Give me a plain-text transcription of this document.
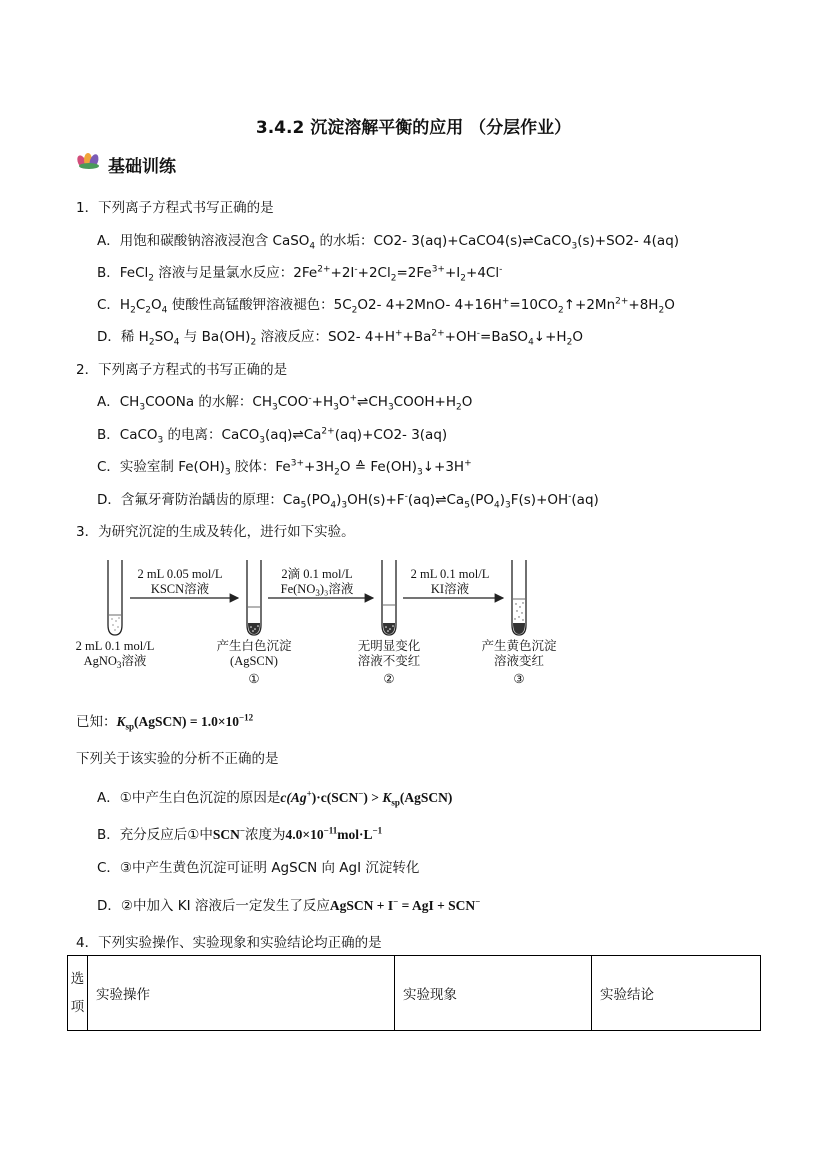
3.4.2 沉淀溶解平衡的应用 （分层作业）
基础训练
1．下列离子方程式书写正确的是
A．用饱和碳酸钠溶液浸泡含 CaSO$_4$ 的水垢：CO2- 3(aq)+CaCO4(s)⇌CaCO$_3$(s)+SO2- 4(aq)
B．FeCl$_2$ 溶液与足量氯水反应：$2Fe^{2+}+2I^-+2Cl_2=2Fe^{3+}+I_2+4Cl^-$
C．$H_2C_2O_4$ 使酸性高锰酸钾溶液褪色：$5C_2O2-$ 4+2MnO- $4+16H^+=10CO_2↑+2Mn^{2+}+8H_2O$
D．稀 $H_2SO_4$ 与 $Ba(OH)_2$ 溶液反应：SO2- $4+H^++Ba^{2+}+OH^-=BaSO_4↓+H_2O$
2．下列离子方程式的书写正确的是
A．$CH_3COONa$ 的水解：$CH_3COO^-+H_3O^+\rightleftharpoons CH_3COOH+H_2O$
B．CaCO$_3$ 的电离：$CaCO_3(aq)\rightleftharpoons Ca^{2+}(aq)+CO2-$ 3(aq)
C．实验室制 $Fe(OH)_3$ 胶体：$Fe^{3+}+3H_2O$ ≙ $Fe(OH)_3↓+3H^+$
D．含氟牙膏防治龋齿的原理：$Ca_5(PO_4)_3OH(s)+F^-(aq)\rightleftharpoons Ca_5(PO_4)_3F(s)+OH^-(aq)$
3．为研究沉淀的生成及转化，进行如下实验。
2 mL 0.1 mol/L
AgNO$_3$溶液
2 mL 0.05 mol/L
KSCN溶液
产生白色沉淀
(AgSCN)
①
2滴 0.1 mol/L
$Fe(NO_3)_3$溶液
无明显变化
溶液不变红
②
2 mL 0.1 mol/L
KI溶液
产生黄色沉淀
溶液变红
③
已知：$K_{sp}(AgSCN) = 1.0\times 10^{-12}$
下列关于该实验的分析不正确的是
A．①中产生白色沉淀的原因是$c(Ag^+)\cdot c(SCN^-) > K_{sp}(AgSCN)$
B．充分反应后①中SCN−浓度为$4.0\times 10^{-11}mol\cdot L^{-1}$
C．③中产生黄色沉淀可证明 AgSCN 向 AgI 沉淀转化
D．②中加入 KI 溶液后一定发生了反应AgSCN + I− = AgI + SCN−
4．下列实验操作、实验现象和实验结论均正确的是
选
项
	实验操作	实验现象	实验结论
